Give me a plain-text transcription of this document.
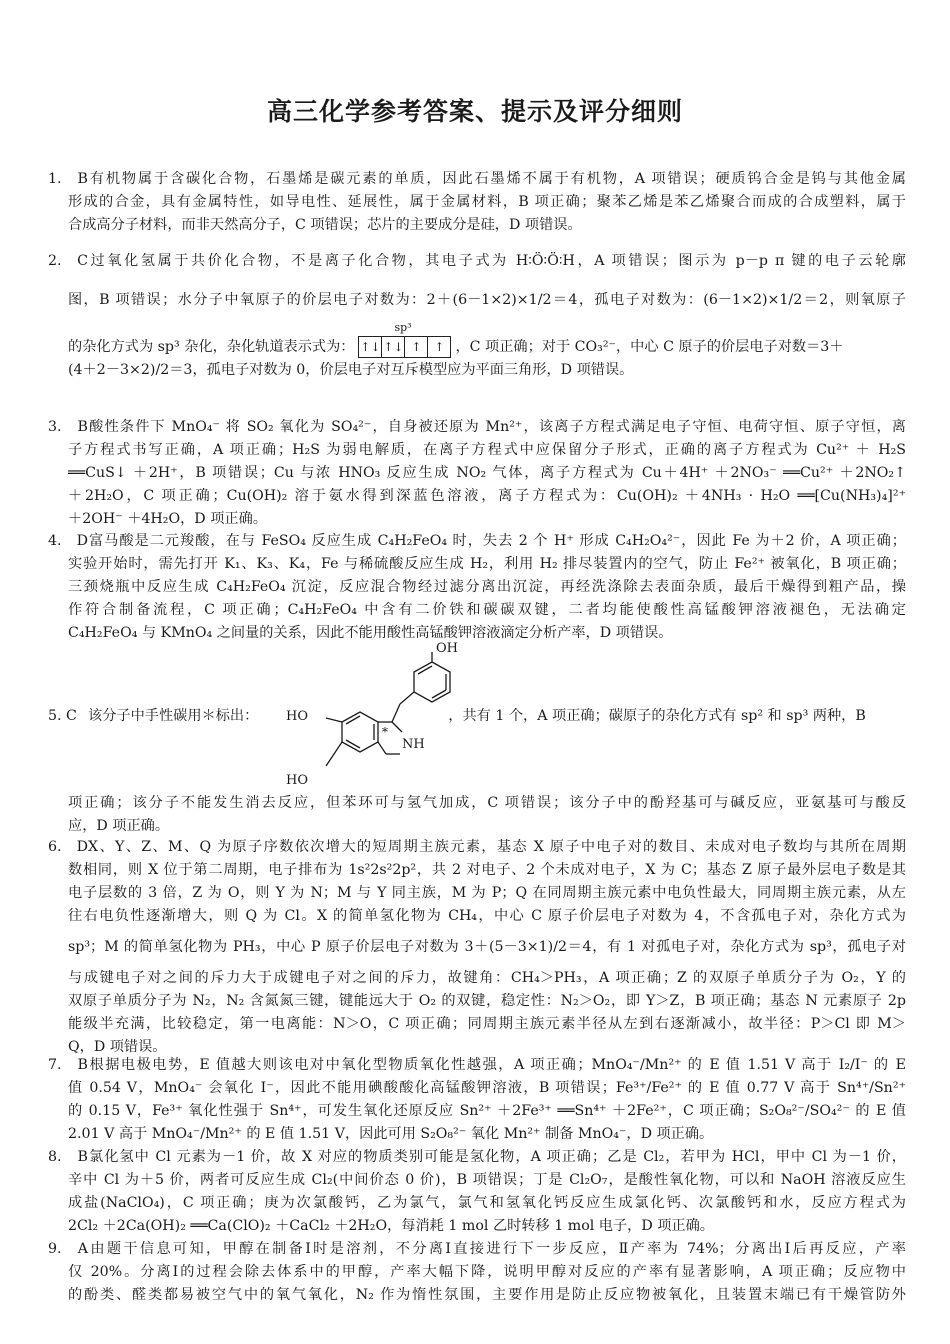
高三化学参考答案、提示及评分细则
1. B有机物属于含碳化合物，石墨烯是碳元素的单质，因此石墨烯不属于有机物，A 项错误；硬质钨合金是钨与其他金属
形成的合金，具有金属特性，如导电性、延展性，属于金属材料，B 项正确；聚苯乙烯是苯乙烯聚合而成的合成塑料，属于
合成高分子材料，而非天然高分子，C 项错误；芯片的主要成分是硅，D 项错误。
2. C过氧化氢属于共价化合物，不是离子化合物，其电子式为 H∶Ö∶Ö∶H，A 项错误；图示为 p－p π 键的电子云轮廓
图，B 项错误；水分子中氧原子的价层电子对数为：2＋(6－1×2)×1/2＝4，孤电子对数为：(6－1×2)×1/2＝2，则氧原子
的杂化方式为 sp³ 杂化，杂化轨道表示式为：
sp³
↑↓ ↑↓ ↑	↑ ，C 项正确；对于 CO₃²⁻，中心 C 原子的价层电子对数＝3＋
(4＋2－3×2)/2＝3，孤电子对数为 0，价层电子对互斥模型应为平面三角形，D 项错误。
3. B酸性条件下 MnO₄⁻ 将 SO₂ 氧化为 SO₄²⁻，自身被还原为 Mn²⁺，该离子方程式满足电子守恒、电荷守恒、原子守恒，离
子方程式书写正确，A 项正确；H₂S 为弱电解质，在离子方程式中应保留分子形式，正确的离子方程式为 Cu²⁺ ＋ H₂S
══CuS↓ ＋2H⁺，B 项错误；Cu 与浓 HNO₃ 反应生成 NO₂ 气体，离子方程式为 Cu＋4H⁺ ＋2NO₃⁻ ══Cu²⁺ ＋2NO₂↑
＋2H₂O，C 项正确；Cu(OH)₂ 溶于氨水得到深蓝色溶液，离子方程式为：Cu(OH)₂ ＋4NH₃ · H₂O ══[Cu(NH₃)₄]²⁺
＋2OH⁻ ＋4H₂O，D 项正确。
4. D富马酸是二元羧酸，在与 FeSO₄ 反应生成 C₄H₂FeO₄ 时，失去 2 个 H⁺ 形成 C₄H₂O₄²⁻，因此 Fe 为＋2 价，A 项正确；
实验开始时，需先打开 K₁、K₃、K₄，Fe 与稀硫酸反应生成 H₂，利用 H₂ 排尽装置内的空气，防止 Fe²⁺ 被氧化，B 项正确；
三颈烧瓶中反应生成 C₄H₂FeO₄ 沉淀，反应混合物经过滤分离出沉淀，再经洗涤除去表面杂质，最后干燥得到粗产品，操
作符合制备流程，C 项正确；C₄H₂FeO₄ 中含有二价铁和碳碳双键，二者均能使酸性高锰酸钾溶液褪色，无法确定
C₄H₂FeO₄ 与 KMnO₄ 之间量的关系，因此不能用酸性高锰酸钾溶液滴定分析产率，D 项错误。
OH
HO
HO
NH
*
5. C 该分子中手性碳用＊标出：	，共有 1 个，A 项正确；碳原子的杂化方式有 sp² 和 sp³ 两种，B
项正确；该分子不能发生消去反应，但苯环可与氢气加成，C 项错误；该分子中的酚羟基可与碱反应，亚氨基可与酸反
应，D 项正确。
6. DX、Y、Z、M、Q 为原子序数依次增大的短周期主族元素，基态 X 原子中电子对的数目、未成对电子数均与其所在周期
数相同，则 X 位于第二周期，电子排布为 1s²2s²2p²，共 2 对电子、2 个未成对电子，X 为 C；基态 Z 原子最外层电子数是其
电子层数的 3 倍，Z 为 O，则 Y 为 N；M 与 Y 同主族，M 为 P；Q 在同周期主族元素中电负性最大，同周期主族元素，从左
往右电负性逐渐增大，则 Q 为 Cl。X 的简单氢化物为 CH₄，中心 C 原子价层电子对数为 4，不含孤电子对，杂化方式为
sp³；M 的简单氢化物为 PH₃，中心 P 原子价层电子对数为 3＋(5－3×1)/2＝4，有 1 对孤电子对，杂化方式为 sp³，孤电子对
与成键电子对之间的斥力大于成键电子对之间的斥力，故键角：CH₄＞PH₃，A 项正确；Z 的双原子单质分子为 O₂，Y 的
双原子单质分子为 N₂，N₂ 含氮氮三键，键能远大于 O₂ 的双键，稳定性：N₂＞O₂，即 Y＞Z，B 项正确；基态 N 元素原子 2p
能级半充满，比较稳定，第一电离能：N＞O，C 项正确；同周期主族元素半径从左到右逐渐减小，故半径：P＞Cl 即 M＞
Q，D 项错误。
7. B根据电极电势，E 值越大则该电对中氧化型物质氧化性越强，A 项正确；MnO₄⁻/Mn²⁺ 的 E 值 1.51 V 高于 I₂/I⁻ 的 E
值 0.54 V，MnO₄⁻ 会氧化 I⁻，因此不能用碘酸酸化高锰酸钾溶液，B 项错误；Fe³⁺/Fe²⁺ 的 E 值 0.77 V 高于 Sn⁴⁺/Sn²⁺
的 0.15 V，Fe³⁺ 氧化性强于 Sn⁴⁺，可发生氧化还原反应 Sn²⁺ ＋2Fe³⁺ ══Sn⁴⁺ ＋2Fe²⁺，C 项正确；S₂O₈²⁻/SO₄²⁻ 的 E 值
2.01 V 高于 MnO₄⁻/Mn²⁺ 的 E 值 1.51 V，因此可用 S₂O₈²⁻ 氧化 Mn²⁺ 制备 MnO₄⁻，D 项正确。
8. B氯化氢中 Cl 元素为－1 价，故 X 对应的物质类别可能是氢化物，A 项正确；乙是 Cl₂，若甲为 HCl，甲中 Cl 为－1 价，
辛中 Cl 为＋5 价，两者可反应生成 Cl₂(中间价态 0 价)，B 项错误；丁是 Cl₂O₇，是酸性氧化物，可以和 NaOH 溶液反应生
成盐(NaClO₄)，C 项正确；庚为次氯酸钙，乙为氯气，氯气和氢氧化钙反应生成氯化钙、次氯酸钙和水，反应方程式为
2Cl₂ ＋2Ca(OH)₂ ══Ca(ClO)₂ ＋CaCl₂ ＋2H₂O，每消耗 1 mol 乙时转移 1 mol 电子，D 项正确。
9. A由题干信息可知，甲醇在制备Ⅰ时是溶剂，不分离Ⅰ直接进行下一步反应，Ⅱ产率为 74%；分离出Ⅰ后再反应，产率
仅 20%。分离Ⅰ的过程会除去体系中的甲醇，产率大幅下降，说明甲醇对反应的产率有显著影响，A 项正确；反应物中
的酚类、醛类都易被空气中的氧气氧化，N₂ 作为惰性氛围，主要作用是防止反应物被氧化，且装置末端已有干燥管防外
